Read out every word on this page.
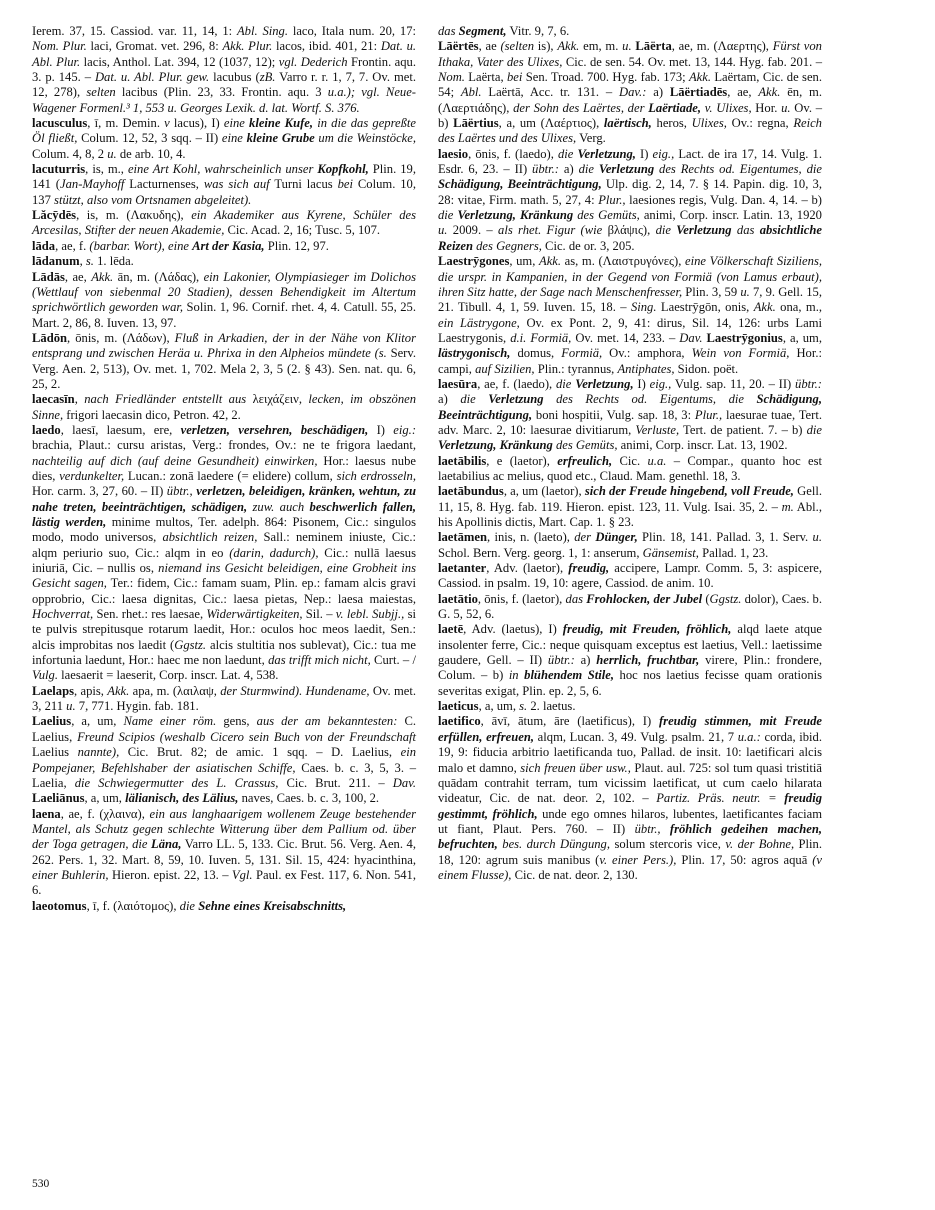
Ierem. 37, 15. Cassiod. var. 11, 14, 1: Abl. Sing. laco, Itala num. 20, 17: Nom. Plur. laci, Gromat. vet. 296, 8: Akk. Plur. lacos, ibid. 401, 21: Dat. u. Abl. Plur. lacis, Anthol. Lat. 394, 12 (1037, 12); vgl. Dederich Frontin. aqu. 3. p. 145. – Dat. u. Abl. Plur. gew. lacubus (zB. Varro r. r. 1, 7, 7. Ov. met. 12, 278), selten lacibus (Plin. 23, 33. Frontin. aqu. 3 u.a.); vgl. Neue-Wagener Formenl.³ 1, 553 u. Georges Lexik. d. lat. Wortf. S. 376.

lacusculus, ī, m. Demin. v lacus), I) eine kleine Kufe, in die das gepreßte Öl fließt, Colum. 12, 52, 3 sqq. – II) eine kleine Grube um die Weinstöcke, Colum. 4, 8, 2 u. de arb. 10, 4.

lacuturris, is, m., eine Art Kohl, wahrscheinlich unser Kopfkohl, Plin. 19, 141 (Jan-Mayhoff Lacturnenses, was sich auf Turni lacus bei Colum. 10, 137 stützt, also vom Ortsnamen abgeleitet).

Lăcȳdēs, is, m. (Λακυδης), ein Akademiker aus Kyrene, Schüler des Arcesilas, Stifter der neuen Akademie, Cic. Acad. 2, 16; Tusc. 5, 107.

lāda, ae, f. (barbar. Wort), eine Art der Kasia, Plin. 12, 97.

lādanum, s. 1. lēda.

Lādās, ae, Akk. ān, m. (Λάδας), ein Lakonier, Olympiasieger im Dolichos (Wettlauf von siebenmal 20 Stadien), dessen Behendigkeit im Altertum sprichwörtlich geworden war, Solin. 1, 96. Cornif. rhet. 4, 4. Catull. 55, 25. Mart. 2, 86, 8. Iuven. 13, 97.

Lādōn, ōnis, m. (Λάδων), Fluß in Arkadien, der in der Nähe von Klitor entsprang und zwischen Heräa u. Phrixa in den Alpheios mündete (s. Serv. Verg. Aen. 2, 513), Ov. met. 1, 702. Mela 2, 3, 5 (2. § 43). Sen. nat. qu. 6, 25, 2.

laecasīn, nach Friedländer entstellt aus λειχάζειν, lecken, im obszönen Sinne, frigori laecasin dico, Petron. 42, 2.

laedo, laesī, laesum, ere, verletzen, versehren, beschädigen, I) eig.: brachia, Plaut.: cursu aristas, Verg.: frondes, Ov.: ne te frigora laedant, nachteilig auf dich (auf deine Gesundheit) einwirken, Hor.: laesus nube dies, verdunkelter, Lucan.: zonā laedere (= elidere) collum, sich erdrosseln, Hor. carm. 3, 27, 60. – II) übtr., verletzen, beleidigen, kränken, wehtun, zu nahe treten, beeinträchtigen, schädigen, zuw. auch beschwerlich fallen, lästig werden, minime multos, Ter. adelph. 864: Pisonem, Cic.: singulos modo, modo universos, absichtlich reizen, Sall.: neminem iniuste, Cic.: alqm periurio suo, Cic.: alqm in eo (darin, dadurch), Cic.: nullā laesus iniuriā, Cic. – nullis os, niemand ins Gesicht beleidigen, eine Grobheit ins Gesicht sagen, Ter.: fidem, Cic.: famam suam, Plin. ep.: famam alcis gravi opprobrio, Cic.: laesa dignitas, Cic.: laesa pietas, Nep.: laesa maiestas, Hochverrat, Sen. rhet.: res laesae, Widerwärtigkeiten, Sil. – v. lebl. Subjj., si te pulvis strepitusque rotarum laedit, Hor.: oculos hoc meos laedit, Sen.: alcis improbitas nos laedit (Ggstz. alcis stultitia nos sublevat), Cic.: tua me infortunia laedunt, Hor.: haec me non laedunt, das trifft mich nicht, Curt. – / Vulg. laesaerit = laeserit, Corp. inscr. Lat. 4, 538.

Laelaps, apis, Akk. apa, m. (λαιλαψ, der Sturmwind). Hundename, Ov. met. 3, 211 u. 7, 771. Hygin. fab. 181.

Laelius, a, um, Name einer röm. gens, aus der am bekanntesten: C. Laelius, Freund Scipios (weshalb Cicero sein Buch von der Freundschaft Laelius nannte), Cic. Brut. 82; de amic. 1 sqq. – D. Laelius, ein Pompejaner, Befehlshaber der asiatischen Schiffe, Caes. b. c. 3, 5, 3. – Laelia, die Schwiegermutter des L. Crassus, Cic. Brut. 211. – Dav. Laeliānus, a, um, lälianisch, des Lälius, naves, Caes. b. c. 3, 100, 2.

laena, ae, f. (χλαινα), ein aus langhaarigem wollenem Zeuge bestehender Mantel, als Schutz gegen schlechte Witterung über dem Pallium od. über der Toga getragen, die Läna, Varro LL. 5, 133. Cic. Brut. 56. Verg. Aen. 4, 262. Pers. 1, 32. Mart. 8, 59, 10. Iuven. 5, 131. Sil. 15, 424: hyacinthina, einer Buhlerin, Hieron. epist. 22, 13. – Vgl. Paul. ex Fest. 117, 6. Non. 541, 6.

laeotomus, ī, f. (λαιότομος), die Sehne eines Kreisabschnitts,

das Segment, Vitr. 9, 7, 6.

Lāërtēs, ae (selten is), Akk. em, m. u. Lāërta, ae, m. (Λαερτης), Fürst von Ithaka, Vater des Ulixes, Cic. de sen. 54. Ov. met. 13, 144. Hyg. fab. 201. – Nom. Laërta, bei Sen. Troad. 700. Hyg. fab. 173; Akk. Laërtam, Cic. de sen. 54; Abl. Laërtā, Acc. tr. 131. – Dav.: a) Lāërtiadēs, ae, Akk. ēn, m. (Λαερτιάδης), der Sohn des Laërtes, der Laërtiade, v. Ulixes, Hor. u. Ov. – b) Lāërtius, a, um (Λαέρτιος), laërtisch, heros, Ulixes, Ov.: regna, Reich des Laërtes und des Ulixes, Verg.

laesio, ōnis, f. (laedo), die Verletzung, I) eig., Lact. de ira 17, 14. Vulg. 1. Esdr. 6, 23. – II) übtr.: a) die Verletzung des Rechts od. Eigentumes, die Schädigung, Beeinträchtigung, Ulp. dig. 2, 14, 7. § 14. Papin. dig. 10, 3, 28: vitae, Firm. math. 5, 27, 4: Plur., laesiones regis, Vulg. Dan. 4, 14. – b) die Verletzung, Kränkung des Gemüts, animi, Corp. inscr. Latin. 13, 1920 u. 2009. – als rhet. Figur (wie βλάψις), die Verletzung das absichtliche Reizen des Gegners, Cic. de or. 3, 205.

Laestrȳgones, um, Akk. as, m. (Λαιστρυγόνες), eine Völkerschaft Siziliens, die urspr. in Kampanien, in der Gegend von Formiä (von Lamus erbaut), ihren Sitz hatte, der Sage nach Menschenfresser, Plin. 3, 59 u. 7, 9. Gell. 15, 21. Tibull. 4, 1, 59. Iuven. 15, 18. – Sing. Laestrȳgōn, onis, Akk. ona, m., ein Lästrygone, Ov. ex Pont. 2, 9, 41: dirus, Sil. 14, 126: urbs Lami Laestrygonis, d.i. Formiä, Ov. met. 14, 233. – Dav. Laestrȳgonius, a, um, lästrygonisch, domus, Formiä, Ov.: amphora, Wein von Formiä, Hor.: campi, auf Sizilien, Plin.: tyrannus, Antiphates, Sidon. poët.

laesūra, ae, f. (laedo), die Verletzung, I) eig., Vulg. sap. 11, 20. – II) übtr.: a) die Verletzung des Rechts od. Eigentums, die Schädigung, Beeinträchtigung, boni hospitii, Vulg. sap. 18, 3: Plur., laesurae tuae, Tert. adv. Marc. 2, 10: laesurae divitiarum, Verluste, Tert. de patient. 7. – b) die Verletzung, Kränkung des Gemüts, animi, Corp. inscr. Lat. 13, 1902.

laetābilis, e (laetor), erfreulich, Cic. u.a. – Compar., quanto hoc est laetabilius ac melius, quod etc., Claud. Mam. genethl. 18, 3.

laetābundus, a, um (laetor), sich der Freude hingebend, voll Freude, Gell. 11, 15, 8. Hyg. fab. 119. Hieron. epist. 123, 11. Vulg. Isai. 35, 2. – m. Abl., his Apollinis dictis, Mart. Cap. 1. § 23.

laetāmen, inis, n. (laeto), der Dünger, Plin. 18, 141. Pallad. 3, 1. Serv. u. Schol. Bern. Verg. georg. 1, 1: anserum, Gänsemist, Pallad. 1, 23.

laetanter, Adv. (laetor), freudig, accipere, Lampr. Comm. 5, 3: aspicere, Cassiod. in psalm. 19, 10: agere, Cassiod. de anim. 10.

laetātio, ōnis, f. (laetor), das Frohlocken, der Jubel (Ggstz. dolor), Caes. b. G. 5, 52, 6.

laetē, Adv. (laetus), I) freudig, mit Freuden, fröhlich, alqd laete atque insolenter ferre, Cic.: neque quisquam exceptus est laetius, Vell.: laetissime gaudere, Gell. – II) übtr.: a) herrlich, fruchtbar, virere, Plin.: frondere, Colum. – b) in blühendem Stile, hoc nos laetius fecisse quam orationis severitas exigat, Plin. ep. 2, 5, 6.

laeticus, a, um, s. 2. laetus.

laetifico, āvī, ātum, āre (laetificus), I) freudig stimmen, mit Freude erfüllen, erfreuen, alqm, Lucan. 3, 49. Vulg. psalm. 21, 7 u.a.: corda, ibid. 19, 9: fiducia arbitrio laetificanda tuo, Pallad. de insit. 10: laetificari alcis malo et damno, sich freuen über usw., Plaut. aul. 725: sol tum quasi tristitiā quādam contrahit terram, tum vicissim laetificat, ut cum caelo hilarata videatur, Cic. de nat. deor. 2, 102. – Partiz. Präs. neutr. = freudig gestimmt, fröhlich, unde ego omnes hilaros, lubentes, laetificantes faciam ut fiant, Plaut. Pers. 760. – II) übtr., fröhlich gedeihen machen, befruchten, bes. durch Düngung, solum stercoris vice, v. der Bohne, Plin. 18, 120: agrum suis manibus (v. einer Pers.), Plin. 17, 50: agros aquā (v einem Flusse), Cic. de nat. deor. 2, 130.

530
